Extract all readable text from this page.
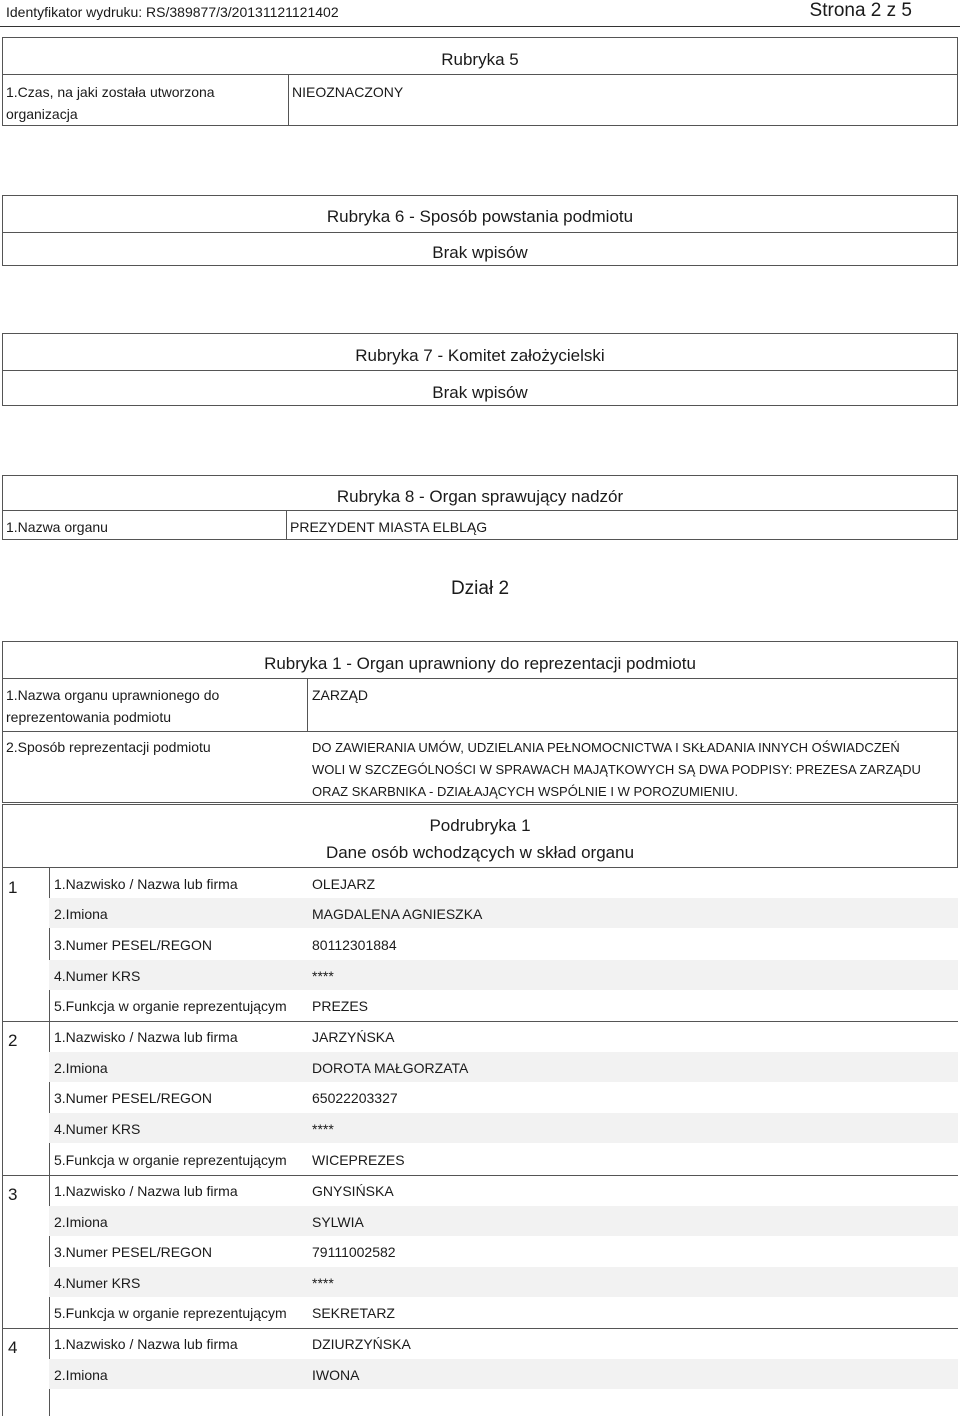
Identyfikator wydruku: RS/389877/3/20131121121402	Strona 2 z 5
Rubryka 5
1.Czas, na jaki została utworzona
organizacja
NIEOZNACZONY
Rubryka 6 - Sposób powstania podmiotu
Brak wpisów
Rubryka 7 - Komitet założycielski
Brak wpisów
Rubryka 8 - Organ sprawujący nadzór
1.Nazwa organu	PREZYDENT MIASTA ELBLĄG
Dział 2
Rubryka 1 - Organ uprawniony do reprezentacji podmiotu
1.Nazwa organu uprawnionego do
reprezentowania podmiotu
ZARZĄD
2.Sposób reprezentacji podmiotu	DO ZAWIERANIA UMÓW, UDZIELANIA PEŁNOMOCNICTWA I SKŁADANIA INNYCH OŚWIADCZEŃ
WOLI W SZCZEGÓLNOŚCI W SPRAWACH MAJĄTKOWYCH SĄ DWA PODPISY: PREZESA ZARZĄDU
ORAZ SKARBNIKA - DZIAŁAJĄCYCH WSPÓLNIE I W POROZUMIENIU.
Podrubryka 1
Dane osób wchodzących w skład organu
1	1.Nazwisko / Nazwa lub firma	OLEJARZ
2.Imiona	MAGDALENA AGNIESZKA
3.Numer PESEL/REGON	80112301884
4.Numer KRS	****
5.Funkcja w organie reprezentującym PREZES
2	1.Nazwisko / Nazwa lub firma	JARZYŃSKA
2.Imiona	DOROTA MAŁGORZATA
3.Numer PESEL/REGON	65022203327
4.Numer KRS	****
5.Funkcja w organie reprezentującym WICEPREZES
3	1.Nazwisko / Nazwa lub firma	GNYSIŃSKA
2.Imiona	SYLWIA
3.Numer PESEL/REGON	79111002582
4.Numer KRS	****
5.Funkcja w organie reprezentującym SEKRETARZ
4	1.Nazwisko / Nazwa lub firma	DZIURZYŃSKA
2.Imiona	IWONA
